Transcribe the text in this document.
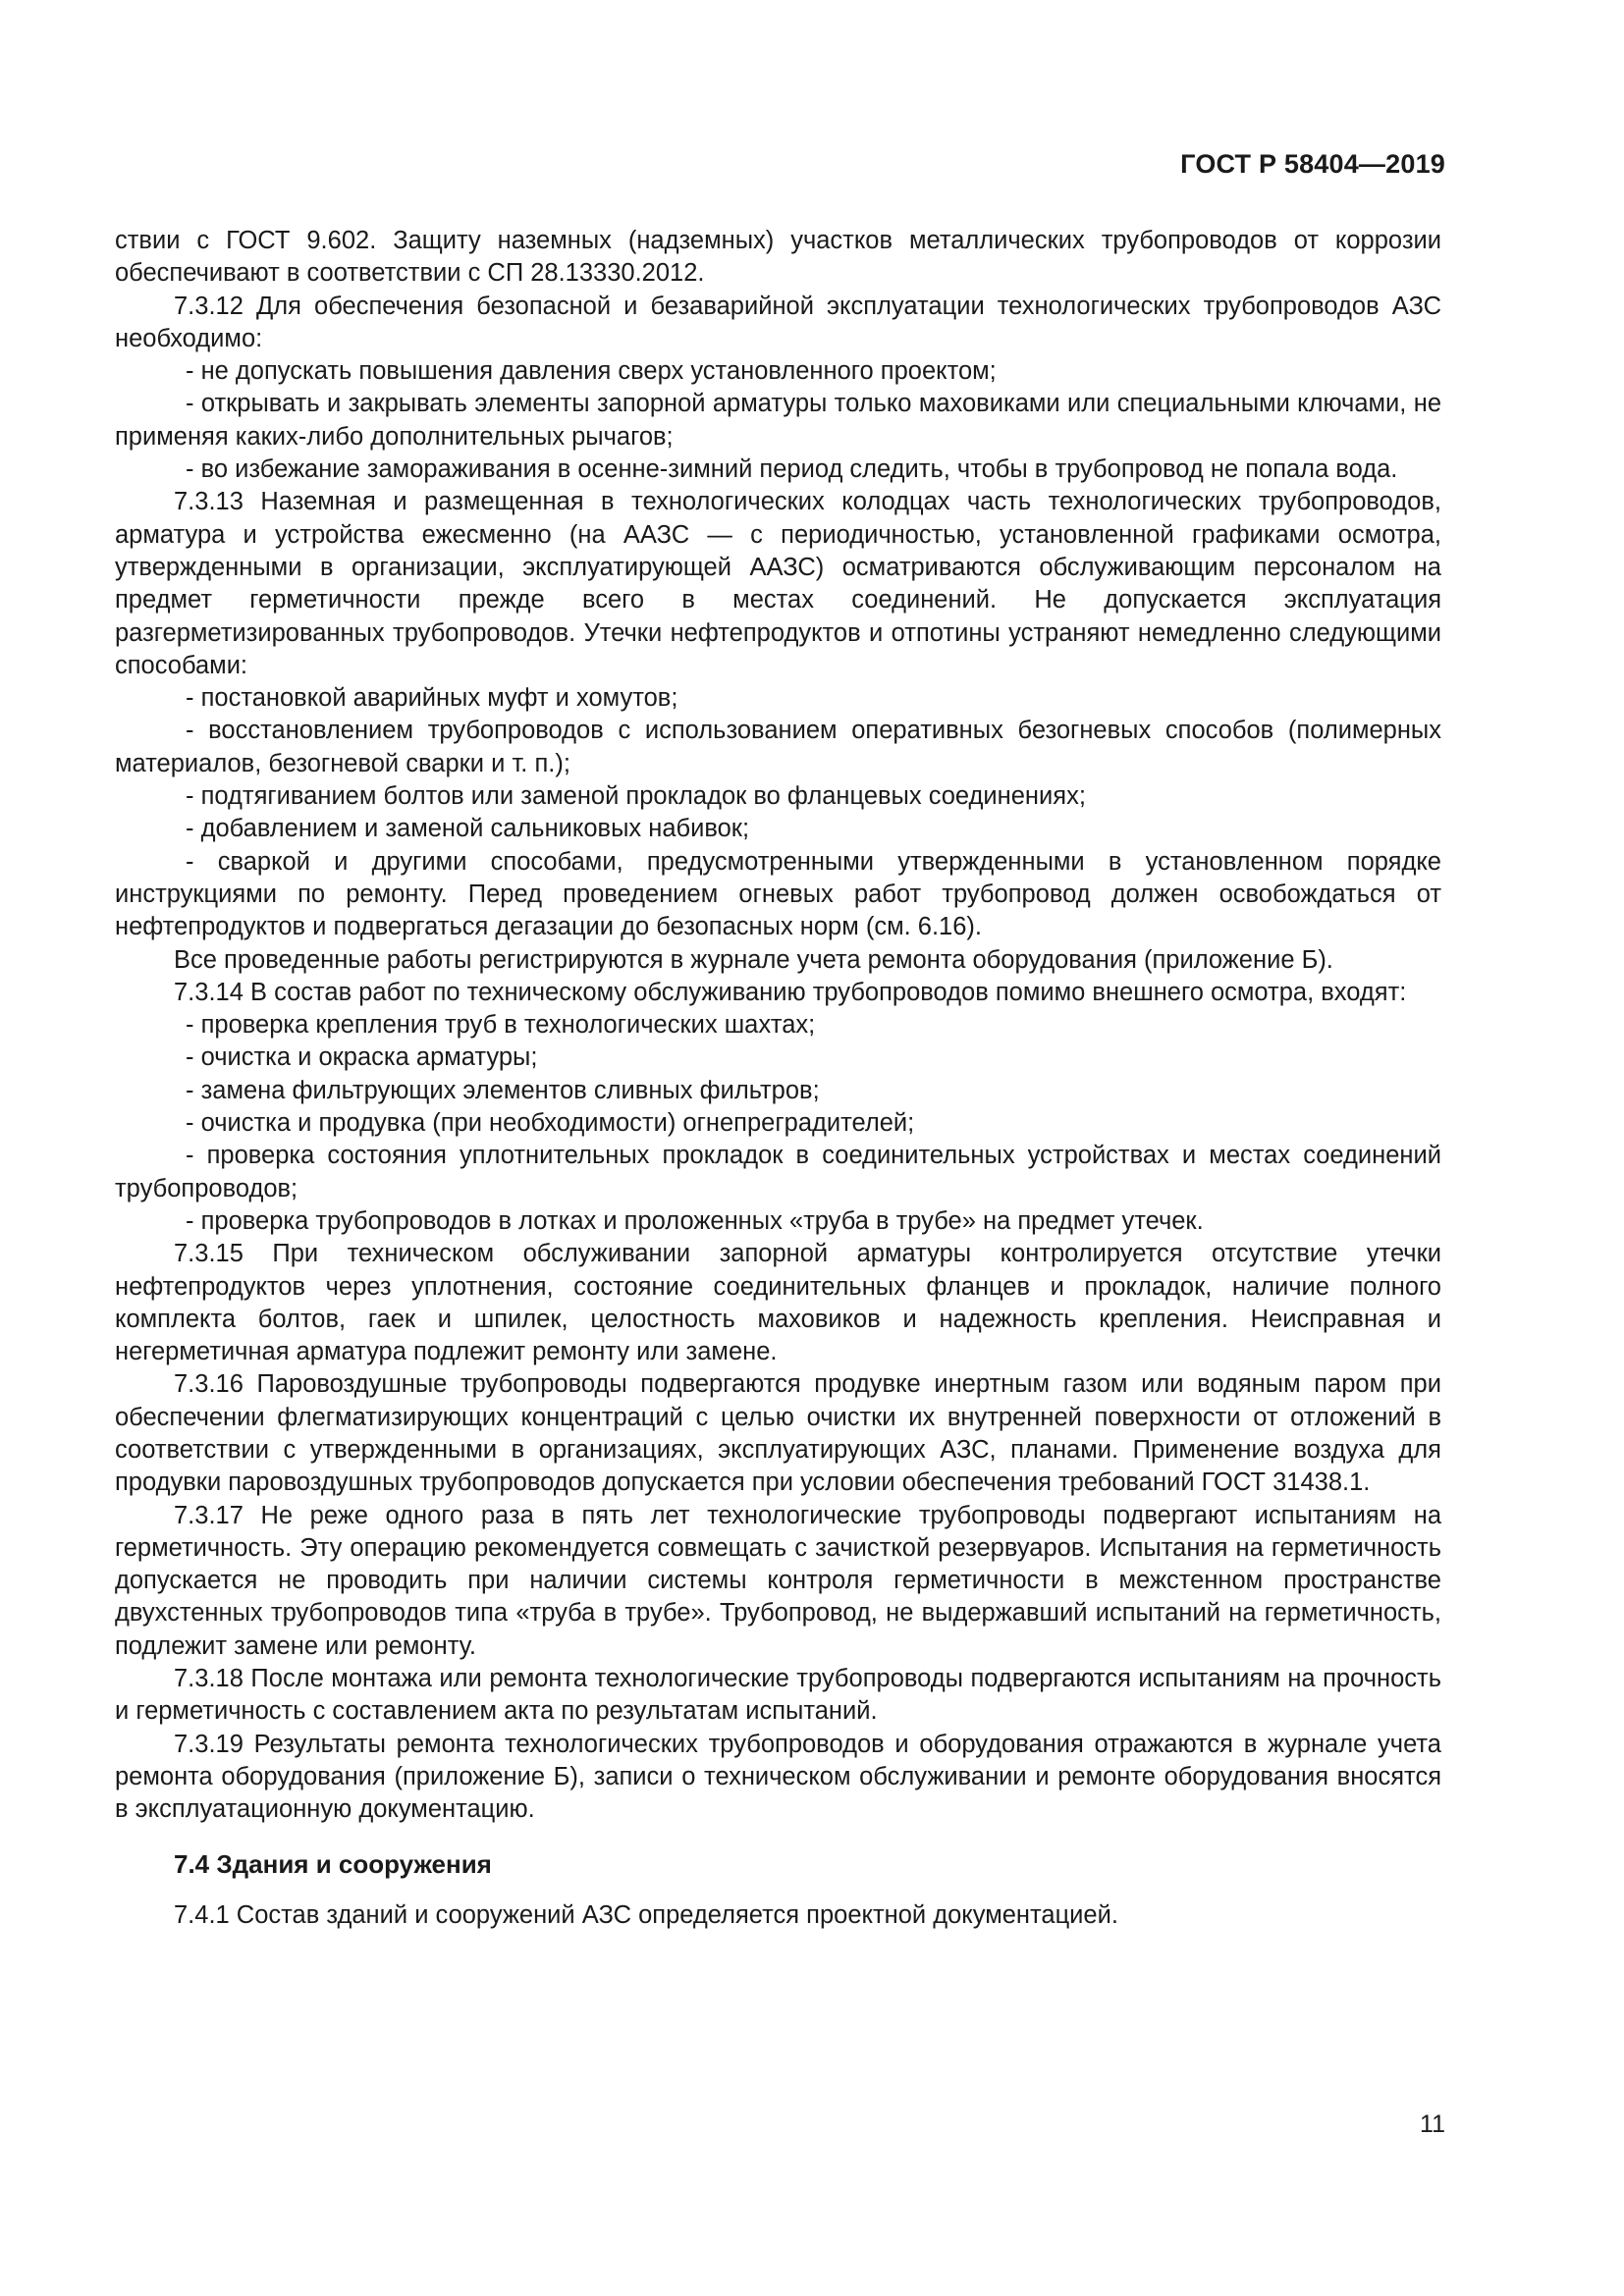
ГОСТ Р 58404—2019

ствии с ГОСТ 9.602. Защиту наземных (надземных) участков металлических трубопроводов от коррозии обеспечивают в соответствии с СП 28.13330.2012.

7.3.12 Для обеспечения безопасной и безаварийной эксплуатации технологических трубопроводов АЗС необходимо:

- не допускать повышения давления сверх установленного проектом;

- открывать и закрывать элементы запорной арматуры только маховиками или специальными ключами, не применяя каких-либо дополнительных рычагов;

- во избежание замораживания в осенне-зимний период следить, чтобы в трубопровод не попала вода.

7.3.13 Наземная и размещенная в технологических колодцах часть технологических трубопроводов, арматура и устройства ежесменно (на ААЗС — с периодичностью, установленной графиками осмотра, утвержденными в организации, эксплуатирующей ААЗС) осматриваются обслуживающим персоналом на предмет герметичности прежде всего в местах соединений. Не допускается эксплуатация разгерметизированных трубопроводов. Утечки нефтепродуктов и отпотины устраняют немедленно следующими способами:

- постановкой аварийных муфт и хомутов;

- восстановлением трубопроводов с использованием оперативных безогневых способов (полимерных материалов, безогневой сварки и т. п.);

- подтягиванием болтов или заменой прокладок во фланцевых соединениях;

- добавлением и заменой сальниковых набивок;

- сваркой и другими способами, предусмотренными утвержденными в установленном порядке инструкциями по ремонту. Перед проведением огневых работ трубопровод должен освобождаться от нефтепродуктов и подвергаться дегазации до безопасных норм (см. 6.16).

Все проведенные работы регистрируются в журнале учета ремонта оборудования (приложение Б).

7.3.14 В состав работ по техническому обслуживанию трубопроводов помимо внешнего осмотра, входят:

- проверка крепления труб в технологических шахтах;

- очистка и окраска арматуры;

- замена фильтрующих элементов сливных фильтров;

- очистка и продувка (при необходимости) огнепреградителей;

- проверка состояния уплотнительных прокладок в соединительных устройствах и местах соединений трубопроводов;

- проверка трубопроводов в лотках и проложенных «труба в трубе» на предмет утечек.

7.3.15 При техническом обслуживании запорной арматуры контролируется отсутствие утечки нефтепродуктов через уплотнения, состояние соединительных фланцев и прокладок, наличие полного комплекта болтов, гаек и шпилек, целостность маховиков и надежность крепления. Неисправная и негерметичная арматура подлежит ремонту или замене.

7.3.16 Паровоздушные трубопроводы подвергаются продувке инертным газом или водяным паром при обеспечении флегматизирующих концентраций с целью очистки их внутренней поверхности от отложений в соответствии с утвержденными в организациях, эксплуатирующих АЗС, планами. Применение воздуха для продувки паровоздушных трубопроводов допускается при условии обеспечения требований ГОСТ 31438.1.

7.3.17 Не реже одного раза в пять лет технологические трубопроводы подвергают испытаниям на герметичность. Эту операцию рекомендуется совмещать с зачисткой резервуаров. Испытания на герметичность допускается не проводить при наличии системы контроля герметичности в межстенном пространстве двухстенных трубопроводов типа «труба в трубе». Трубопровод, не выдержавший испытаний на герметичность, подлежит замене или ремонту.

7.3.18 После монтажа или ремонта технологические трубопроводы подвергаются испытаниям на прочность и герметичность с составлением акта по результатам испытаний.

7.3.19 Результаты ремонта технологических трубопроводов и оборудования отражаются в журнале учета ремонта оборудования (приложение Б), записи о техническом обслуживании и ремонте оборудования вносятся в эксплуатационную документацию.

7.4 Здания и сооружения

7.4.1 Состав зданий и сооружений АЗС определяется проектной документацией.

11
